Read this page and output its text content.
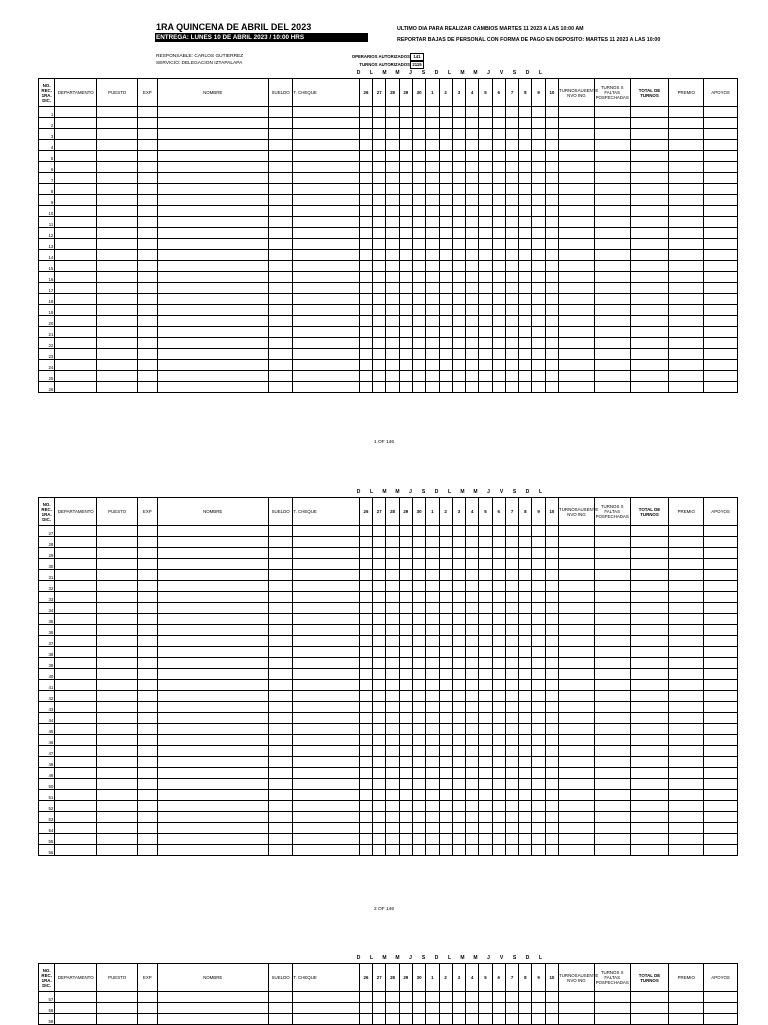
1RA QUINCENA DE ABRIL DEL 2023
ENTREGA: LUNES 10 DE ABRIL 2023 / 10:00 HRS
ULTIMO DIA PARA REALIZAR CAMBIOS MARTES 11 2023 A LAS 10:00 AM
REPORTAR BAJAS DE PERSONAL CON FORMA DE PAGO EN DEPOSITO: MARTES 11 2023 A LAS 10:00
RESPONSABLE: CARLOS GUTIERREZ
SERVICIO: DELEGACION IZTAPALAPA
OPERARIOS AUTORIZADOS 141
TURNOS AUTORIZADOS 2115
D	L	M	M	J	S	D	L	M	M	J	V	S	D	L
NO. REC. 1RA. DIC.	DEPARTAMENTO	PUESTO	EXP	NOMBRE	SUELDO	T. CHEQUE	26	27	28	29	30	1	2	3	4	5	6	7	8	9	10	TURNOSAUSENTE NVO ING	TURNOS X FALTAS POSFECHADAS	TOTAL DE TURNOS	PREMIO	APOYOS
1																										
2																										
3																										
4																										
5																										
6																										
7																										
8																										
9																										
10																										
11																										
12																										
13																										
14																										
15																										
16																										
17																										
18																										
19																										
20																										
21																										
22																										
23																										
24																										
25																										
26																										
1 OF 146
D	L	M	M	J	S	D	L	M	M	J	V	S	D	L
NO. REC. 1RA. DIC.	DEPARTAMENTO	PUESTO	EXP	NOMBRE	SUELDO	T. CHEQUE	26	27	28	29	30	1	2	3	4	5	6	7	8	9	10	TURNOSAUSENTE NVO ING	TURNOS X FALTAS POSFECHADAS	TOTAL DE TURNOS	PREMIO	APOYOS
27																										
28																										
29																										
30																										
31																										
32																										
33																										
34																										
35																										
36																										
37																										
38																										
39																										
40																										
41																										
42																										
43																										
44																										
45																										
46																										
47																										
48																										
49																										
50																										
51																										
52																										
53																										
54																										
55																										
56																										
2 OF 146
D	L	M	M	J	S	D	L	M	M	J	V	S	D	L
NO. REC. 1RA. DIC.	DEPARTAMENTO	PUESTO	EXP	NOMBRE	SUELDO	T. CHEQUE	26	27	28	29	30	1	2	3	4	5	6	7	8	9	10	TURNOSAUSENTE NVO ING	TURNOS X FALTAS POSFECHADAS	TOTAL DE TURNOS	PREMIO	APOYOS
57																										
58																										
59																										
